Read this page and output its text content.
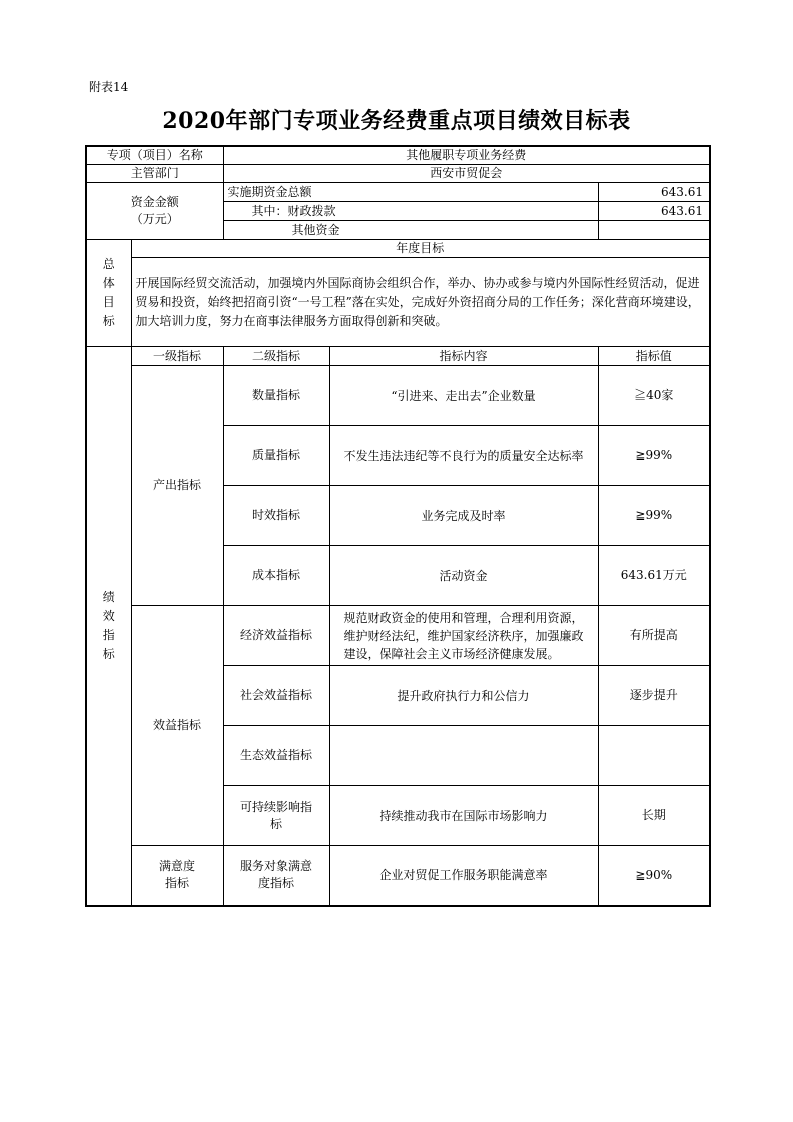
附表14
2020年部门专项业务经费重点项目绩效目标表
专项（项目）名称		其他履职专项业务经费		
主管部门		西安市贸促会		
资金金额
（万元）		实施期资金总额		643.61
		其中：财政拨款		643.61
		其他资金		

总
体
目
标	年度目标			
	开展国际经贸交流活动，加强境内外国际商协会组织合作，举办、协办或参与境内外国际性经贸活动，促进贸易和投资，始终把招商引资“一号工程”落在实处，完成好外资招商分局的工作任务；深化营商环境建设，加大培训力度，努力在商事法律服务方面取得创新和突破。			

绩
效
指
标	一级指标	二级指标	指标内容	指标值
	产出指标	数量指标	“引进来、走出去”企业数量	≧40家
		质量指标	不发生违法违纪等不良行为的质量安全达标率	≧99%
		时效指标	业务完成及时率	≧99%
		成本指标	活动资金	643.61万元
	效益指标	经济效益指标	规范财政资金的使用和管理，合理利用资源，维护财经法纪，维护国家经济秩序，加强廉政建设，保障社会主义市场经济健康发展。	有所提高
		社会效益指标	提升政府执行力和公信力	逐步提升
		生态效益指标		
		可持续影响指标	持续推动我市在国际市场影响力	长期
	满意度指标	服务对象满意度指标	企业对贸促工作服务职能满意率	≧90%
